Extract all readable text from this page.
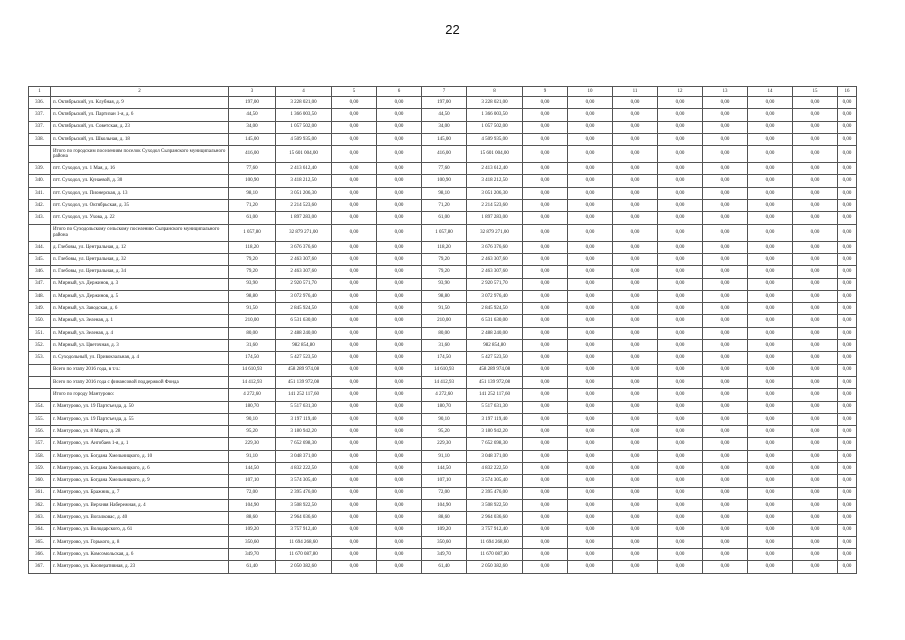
22
1	2	3	4	5	6	7	8	9	10	11	12	13	14	15	16
336.	п. Октябрьский, ул. Клубная, д. 9	197,00	3 228 021,00	0,00	0,00	197,00	3 228 021,00	0,00	0,00	0,00	0,00	0,00	0,00	0,00	0,00
337.	п. Октябрьский, ул. Партизан 1-я, д. 6	44,50	1 366 003,50	0,00	0,00	44,50	1 366 003,50	0,00	0,00	0,00	0,00	0,00	0,00	0,00	0,00
337.	п. Октябрьский, ул. Советская, д. 23	34,00	1 057 502,00	0,00	0,00	34,00	1 057 502,00	0,00	0,00	0,00	0,00	0,00	0,00	0,00	0,00
338.	п. Октябрьский, ул. Школьная, д. 18	145,00	4 509 935,00	0,00	0,00	145,00	4 509 935,00	0,00	0,00	0,00	0,00	0,00	0,00	0,00	0,00
	Итого по городским поселениям поселок Суходол Сызранского муниципального района	416,00	15 601 004,00	0,00	0,00	416,00	15 601 004,00	0,00	0,00	0,00	0,00	0,00	0,00	0,00	0,00
339.	пгт. Суходол, ул. 1 Мая, д. 16	77,60	2 413 612,40	0,00	0,00	77,60	2 413 612,40	0,00	0,00	0,00	0,00	0,00	0,00	0,00	0,00
340.	пгт. Суходол, ул. Кунаевой, д. 30	100,90	3 418 212,50	0,00	0,00	100,90	3 418 212,50	0,00	0,00	0,00	0,00	0,00	0,00	0,00	0,00
341.	пгт. Суходол, ул. Пионерская, д. 13	98,10	3 051 206,30	0,00	0,00	98,10	3 051 206,30	0,00	0,00	0,00	0,00	0,00	0,00	0,00	0,00
342.	пгт. Суходол, ул. Октябрьская, д. 35	71,20	2 214 523,60	0,00	0,00	71,20	2 214 523,60	0,00	0,00	0,00	0,00	0,00	0,00	0,00	0,00
343.	пгт. Суходол, ул. Ухова, д. 22	61,00	1 897 283,00	0,00	0,00	61,00	1 897 283,00	0,00	0,00	0,00	0,00	0,00	0,00	0,00	0,00
	Итого по Суходольскому сельскому поселению Сызранского муниципального района	1 057,80	32 879 271,00	0,00	0,00	1 057,80	32 879 271,00	0,00	0,00	0,00	0,00	0,00	0,00	0,00	0,00
344.	д. Глебовы, ул. Центральная, д. 12	118,20	3 676 376,60	0,00	0,00	118,20	3 676 376,60	0,00	0,00	0,00	0,00	0,00	0,00	0,00	0,00
345.	п. Глебовы, ул. Центральная, д. 32	79,20	2 463 307,60	0,00	0,00	79,20	2 463 307,60	0,00	0,00	0,00	0,00	0,00	0,00	0,00	0,00
346.	п. Глебовы, ул. Центральная, д. 34	79,20	2 463 307,60	0,00	0,00	79,20	2 463 307,60	0,00	0,00	0,00	0,00	0,00	0,00	0,00	0,00
347.	п. Мирный, ул. Держинов, д. 3	93,90	2 920 571,70	0,00	0,00	93,90	2 920 571,70	0,00	0,00	0,00	0,00	0,00	0,00	0,00	0,00
348.	п. Мирный, ул. Держинов, д. 5	98,80	3 072 976,40	0,00	0,00	98,80	3 072 976,40	0,00	0,00	0,00	0,00	0,00	0,00	0,00	0,00
349.	п. Мирный, ул. Заводская, д. 6	91,50	2 845 924,50	0,00	0,00	91,50	2 845 924,50	0,00	0,00	0,00	0,00	0,00	0,00	0,00	0,00
350.	п. Мирный, ул. Зеленая, д. 1	210,00	6 531 630,00	0,00	0,00	210,00	6 531 630,00	0,00	0,00	0,00	0,00	0,00	0,00	0,00	0,00
351.	п. Мирный, ул. Зеленая, д. 4	80,00	2 488 240,00	0,00	0,00	80,00	2 488 240,00	0,00	0,00	0,00	0,00	0,00	0,00	0,00	0,00
352.	п. Мирный, ул. Цветочная, д. 3	31,60	982 854,80	0,00	0,00	31,60	982 854,80	0,00	0,00	0,00	0,00	0,00	0,00	0,00	0,00
353.	п. Суходольный, ул. Привокзальная, д. 4	174,50	5 427 523,50	0,00	0,00	174,50	5 427 523,50	0,00	0,00	0,00	0,00	0,00	0,00	0,00	0,00
	Всего по этапу 2016 года, в т.ч.:	14 610,93	458 289 974,08	0,00	0,00	14 610,93	458 289 974,08	0,00	0,00	0,00	0,00	0,00	0,00	0,00	0,00
	Всего по этапу 2016 года с финансовой поддержкой Фонда	14 412,93	451 139 972,08	0,00	0,00	14 412,93	451 139 972,08	0,00	0,00	0,00	0,00	0,00	0,00	0,00	0,00
	Итого по городу Мантурово:	4 272,60	141 252 117,60	0,00	0,00	4 272,60	141 252 117,60	0,00	0,00	0,00	0,00	0,00	0,00	0,00	0,00
354.	г. Мантурово, ул. 19 Партсъезда, д. 50	180,70	5 517 631,30	0,00	0,00	180,70	5 517 631,30	0,00	0,00	0,00	0,00	0,00	0,00	0,00	0,00
355.	г. Мантурово, ул. 19 Партсъезда, д. 55	90,10	3 197 119,40	0,00	0,00	90,10	3 197 119,40	0,00	0,00	0,00	0,00	0,00	0,00	0,00	0,00
356.	г. Мантурово, ул. 8 Марта, д. 28	95,20	3 180 942,20	0,00	0,00	95,20	3 180 942,20	0,00	0,00	0,00	0,00	0,00	0,00	0,00	0,00
357.	г. Мантурово, ул. Ангобаев 1-я, д. 1	229,30	7 652 698,30	0,00	0,00	229,30	7 652 698,30	0,00	0,00	0,00	0,00	0,00	0,00	0,00	0,00
358.	г. Мантурово, ул. Богдана Хмельницкого, д. 10	91,10	3 048 371,00	0,00	0,00	91,10	3 048 371,00	0,00	0,00	0,00	0,00	0,00	0,00	0,00	0,00
359.	г. Мантурово, ул. Богдана Хмельницкого, д. 6	144,50	4 832 222,50	0,00	0,00	144,50	4 832 222,50	0,00	0,00	0,00	0,00	0,00	0,00	0,00	0,00
360.	г. Мантурово, ул. Богдана Хмельницкого, д. 9	107,10	3 574 305,40	0,00	0,00	107,10	3 574 305,40	0,00	0,00	0,00	0,00	0,00	0,00	0,00	0,00
361.	г. Мантурово, ул. Бражник, д. 7	72,00	2 395 476,00	0,00	0,00	72,00	2 395 476,00	0,00	0,00	0,00	0,00	0,00	0,00	0,00	0,00
362.	г. Мантурово, ул. Верхняя Набережная, д. 4	104,90	3 508 922,50	0,00	0,00	104,90	3 508 922,50	0,00	0,00	0,00	0,00	0,00	0,00	0,00	0,00
363.	г. Мантурово, ул. Вогалковас, д. 40	88,60	2 964 036,60	0,00	0,00	88,60	2 964 036,60	0,00	0,00	0,00	0,00	0,00	0,00	0,00	0,00
364.	г. Мантурово, ул. Володарского, д. 61	109,20	3 757 912,40	0,00	0,00	109,20	3 757 912,40	0,00	0,00	0,00	0,00	0,00	0,00	0,00	0,00
365.	г. Мантурово, ул. Горького, д. 8	350,60	11 694 268,60	0,00	0,00	350,60	11 694 268,60	0,00	0,00	0,00	0,00	0,00	0,00	0,00	0,00
366.	г. Мантурово, ул. Комсомольская, д. 6	349,70	11 670 087,80	0,00	0,00	349,70	11 670 087,80	0,00	0,00	0,00	0,00	0,00	0,00	0,00	0,00
367.	г. Мантурово, ул. Кооперативная, д. 23	61,40	2 050 382,60	0,00	0,00	61,40	2 050 382,60	0,00	0,00	0,00	0,00	0,00	0,00	0,00	0,00
